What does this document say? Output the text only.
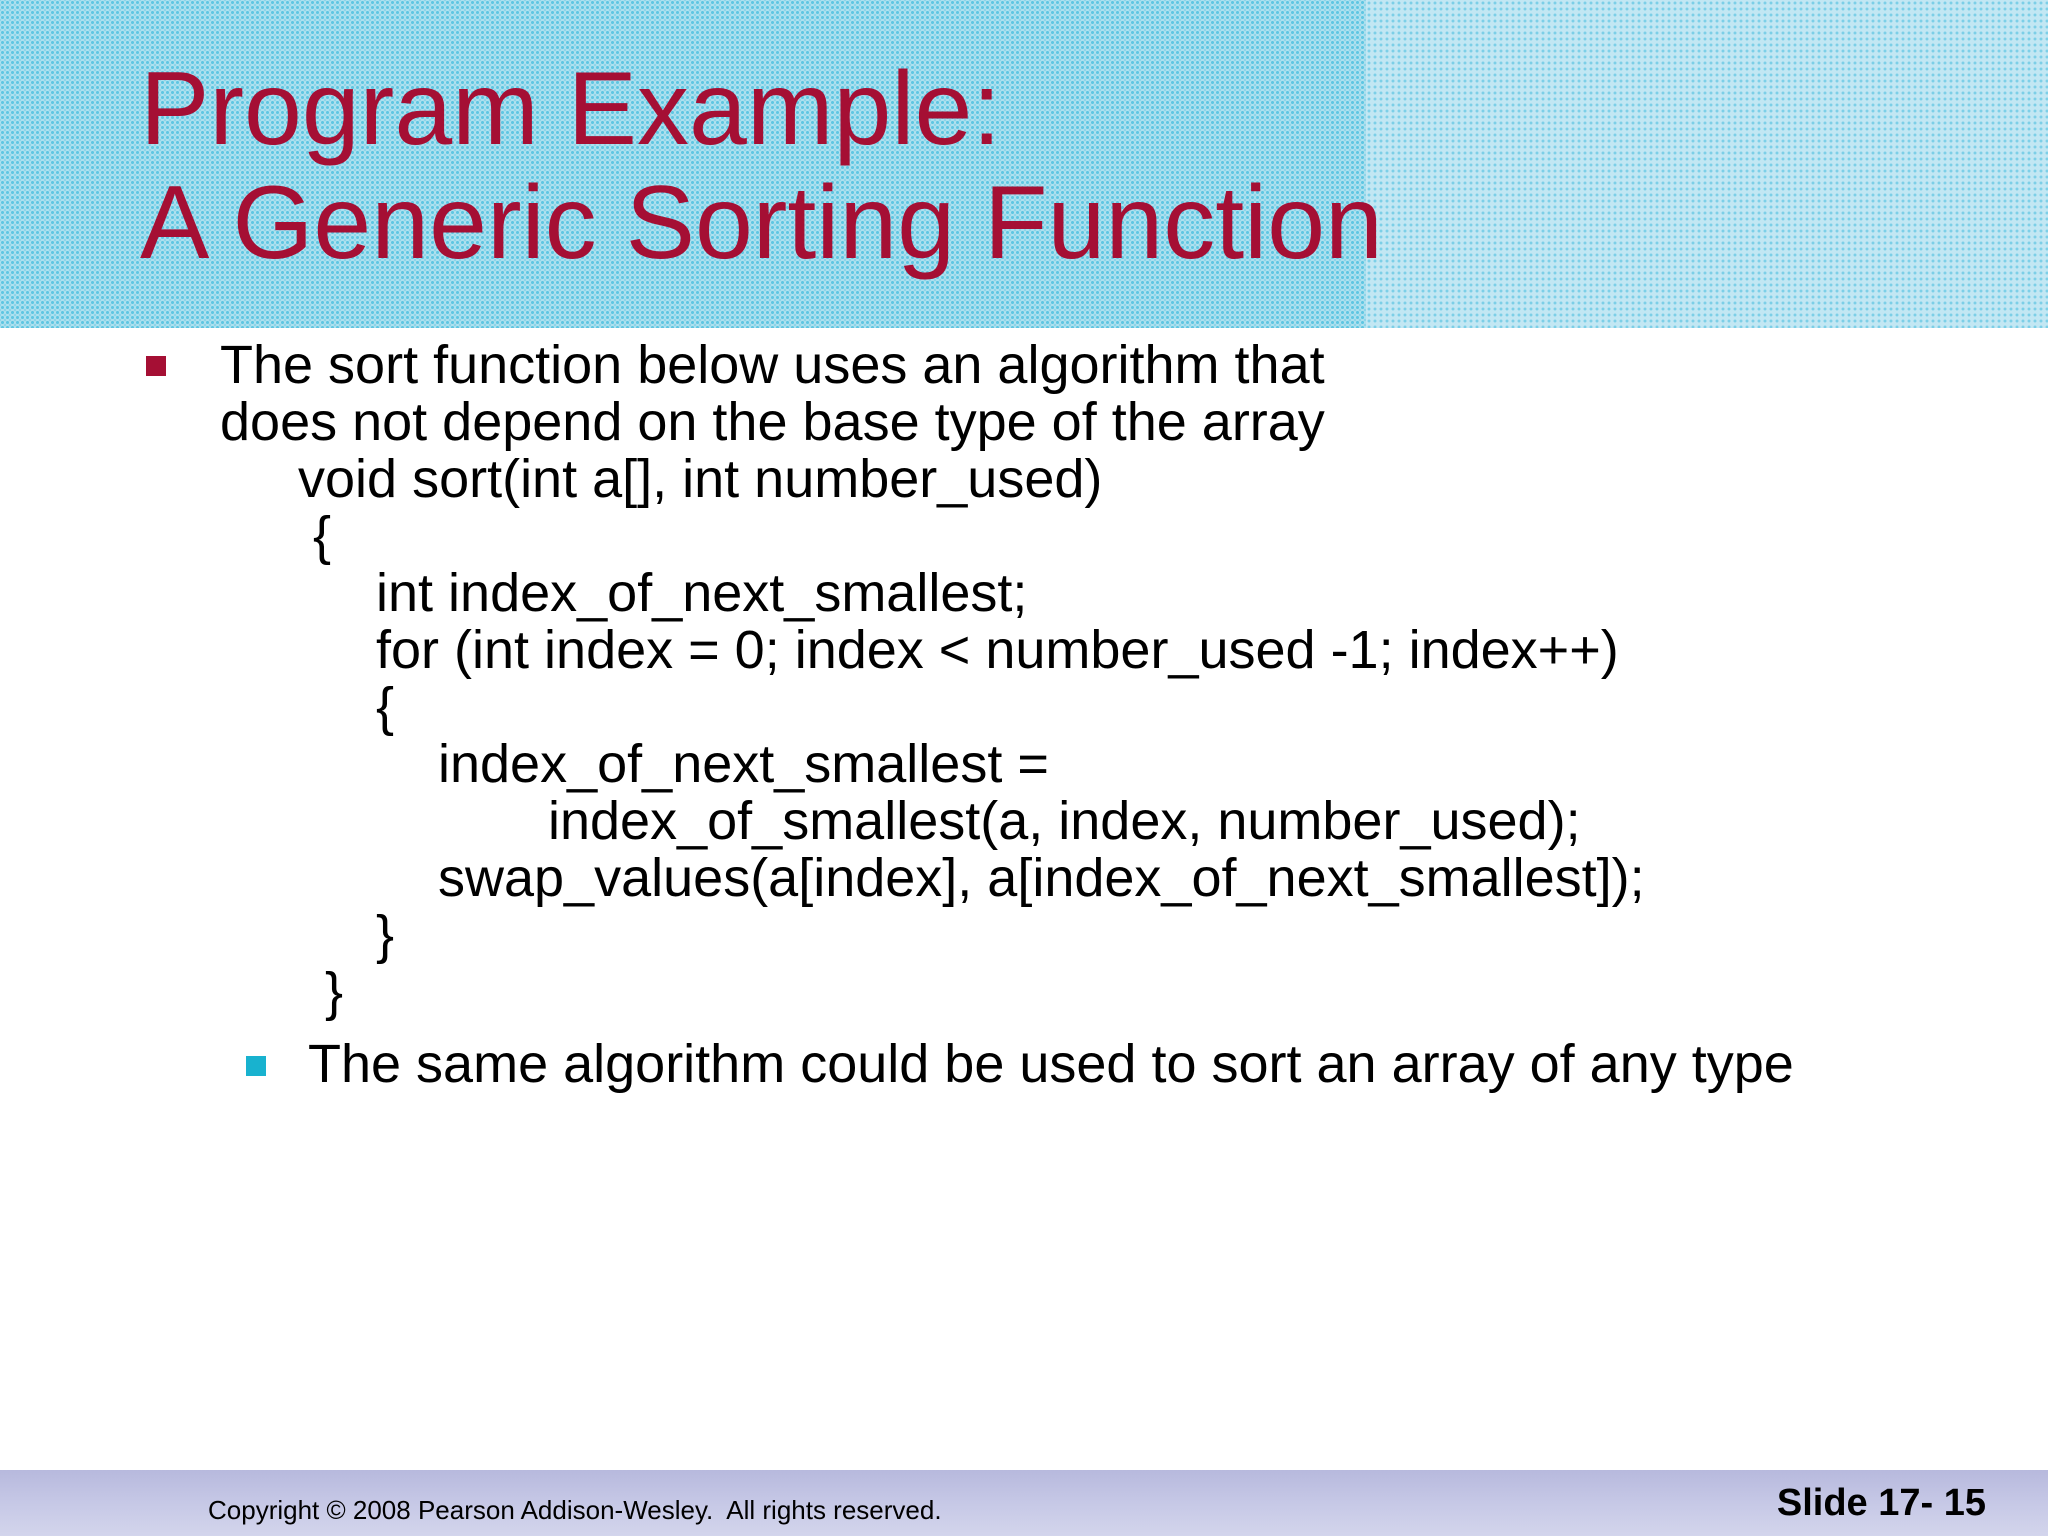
Program Example:
A Generic Sorting Function
The sort function below uses an algorithm that
does not depend on the base type of the array
void sort(int a[], int number_used)
{
int index_of_next_smallest;
for (int index = 0; index < number_used -1; index++)
{
index_of_next_smallest =
index_of_smallest(a, index, number_used);
swap_values(a[index], a[index_of_next_smallest]);
}
}
The same algorithm could be used to sort an array of any type
Copyright © 2008 Pearson Addison-Wesley.  All rights reserved.	Slide 17- 15
